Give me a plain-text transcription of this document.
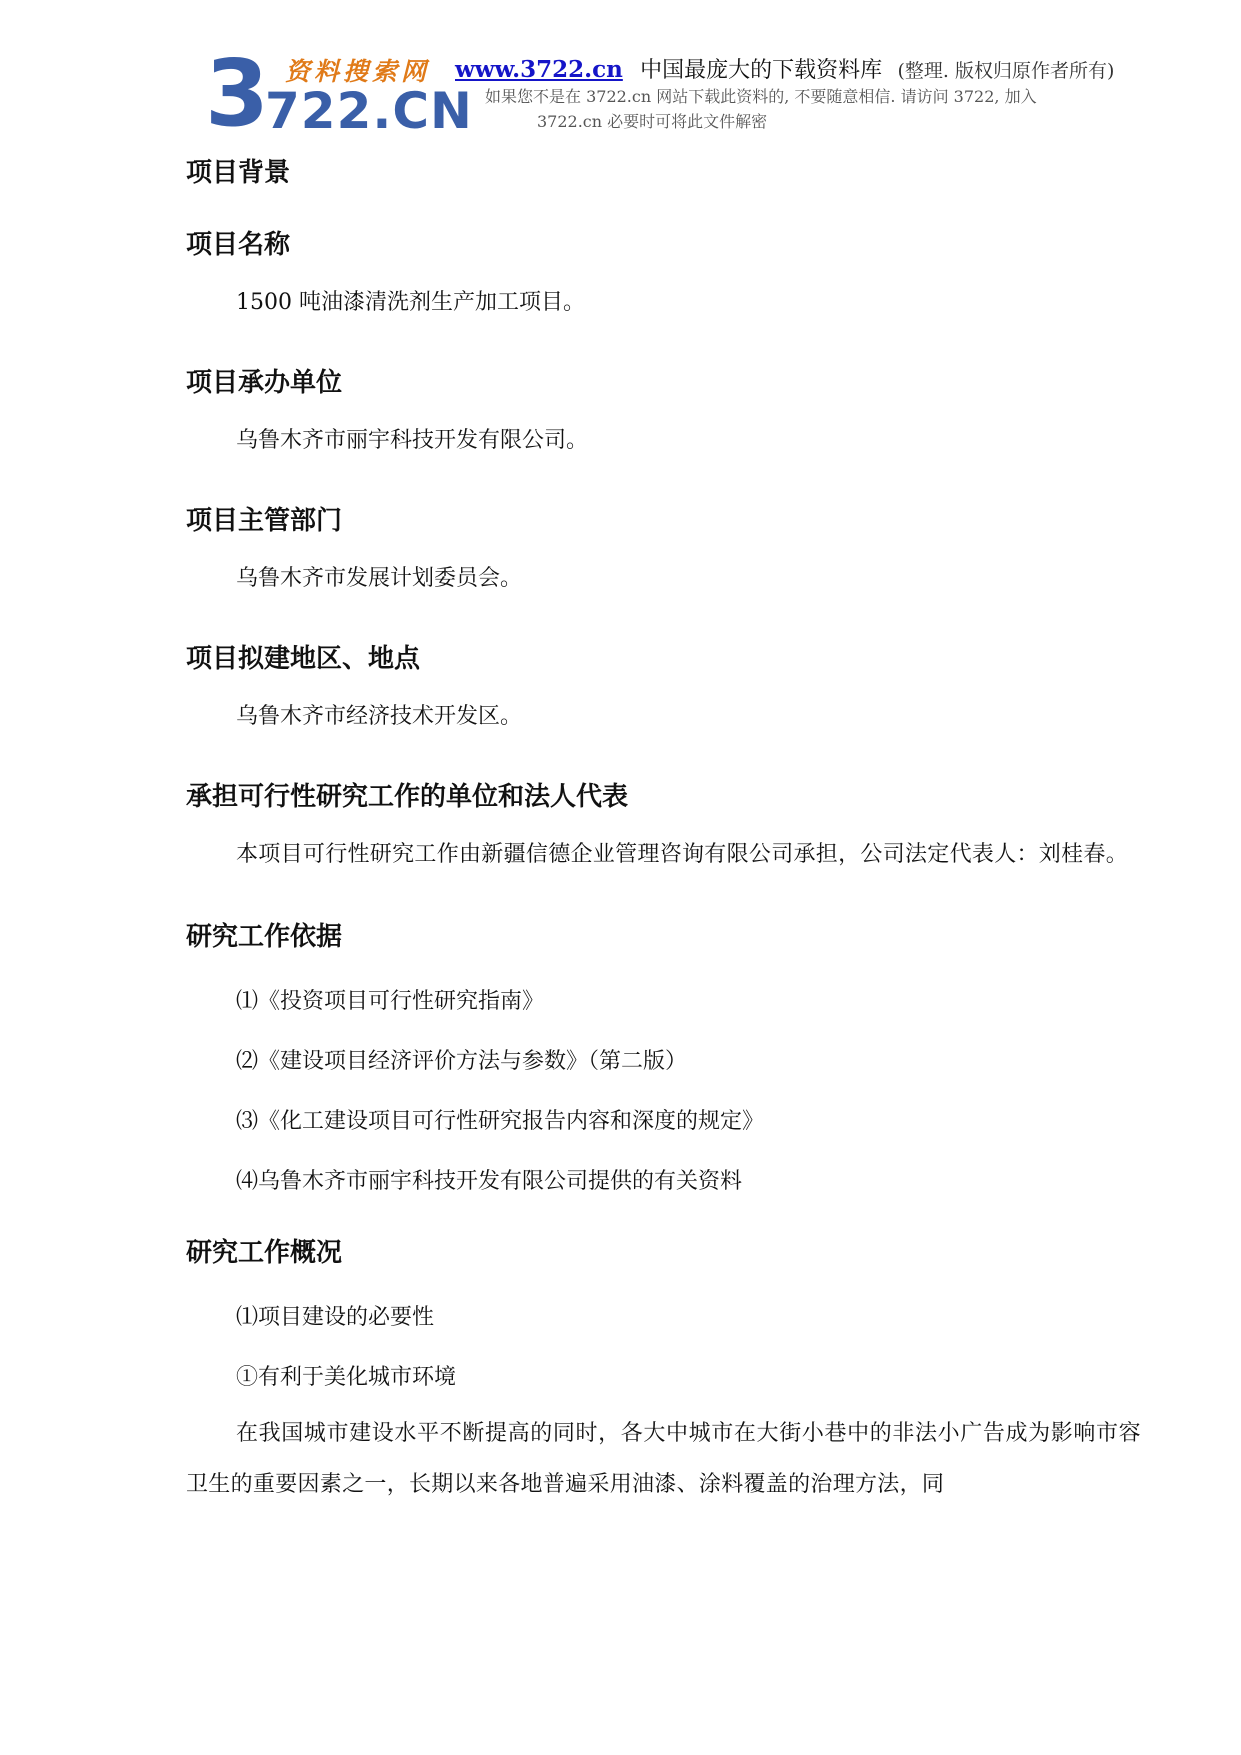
3
722.CN
资料搜索网 www.3722.cn 中国最庞大的下载资料库 (整理. 版权归原作者所有)
如果您不是在 3722.cn 网站下载此资料的, 不要随意相信. 请访问 3722, 加入
3722.cn 必要时可将此文件解密
项目背景
项目名称

1500 吨油漆清洗剂生产加工项目。

项目承办单位

乌鲁木齐市丽宇科技开发有限公司。

项目主管部门

乌鲁木齐市发展计划委员会。

项目拟建地区、地点

乌鲁木齐市经济技术开发区。

承担可行性研究工作的单位和法人代表

本项目可行性研究工作由新疆信德企业管理咨询有限公司承担，公司法定代表人：刘桂春。

研究工作依据

⑴《投资项目可行性研究指南》

⑵《建设项目经济评价方法与参数》（第二版）

⑶《化工建设项目可行性研究报告内容和深度的规定》

⑷乌鲁木齐市丽宇科技开发有限公司提供的有关资料

研究工作概况

⑴项目建设的必要性

①有利于美化城市环境

在我国城市建设水平不断提高的同时，各大中城市在大街小巷中的非法小广告成为影响市容卫生的重要因素之一，长期以来各地普遍采用油漆、涂料覆盖的治理方法，同
